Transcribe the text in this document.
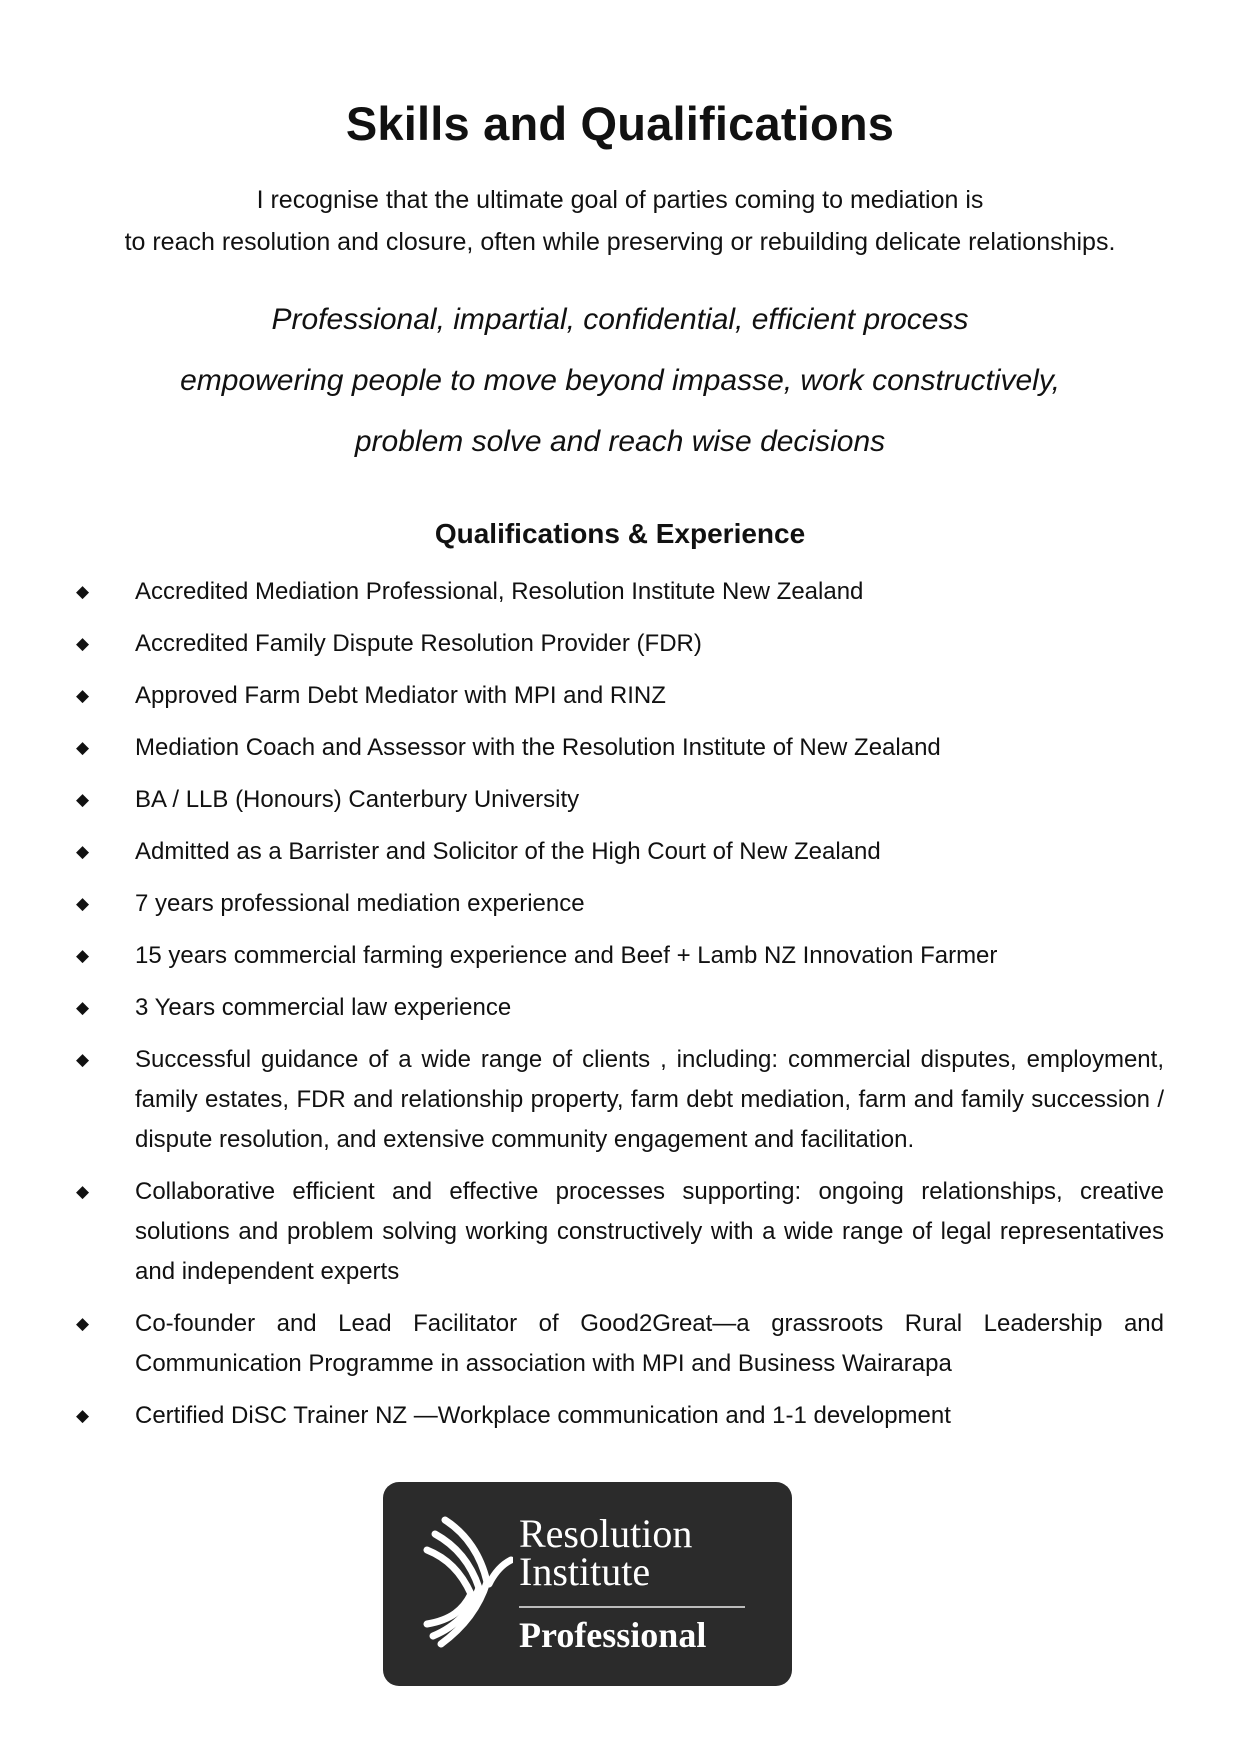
Skills and Qualifications
I recognise that the ultimate goal of parties coming to mediation is
to reach resolution and closure, often while preserving or rebuilding delicate relationships.
Professional, impartial, confidential, efficient process
empowering people to move beyond impasse, work constructively,
problem solve and reach wise decisions
Qualifications & Experience
◆ Accredited Mediation Professional, Resolution Institute New Zealand
◆ Accredited Family Dispute Resolution Provider (FDR)
◆ Approved Farm Debt Mediator with MPI and RINZ
◆ Mediation Coach and Assessor with the Resolution Institute of New Zealand
◆ BA / LLB (Honours) Canterbury University
◆ Admitted as a Barrister and Solicitor of the High Court of New Zealand
◆ 7 years professional mediation experience
◆ 15 years commercial farming experience and Beef + Lamb NZ Innovation Farmer
◆ 3 Years commercial law experience
◆ Successful guidance of a wide range of clients , including: commercial disputes, employment, family estates, FDR and relationship property, farm debt mediation, farm and family succession / dispute resolution, and extensive community engagement and facilitation.
◆ Collaborative efficient and effective processes supporting: ongoing relationships, creative solutions and problem solving working constructively with a wide range of legal representatives and independent experts
◆ Co-founder and Lead Facilitator of Good2Great—a grassroots Rural Leadership and Communication Programme in association with MPI and Business Wairarapa
◆ Certified DiSC Trainer NZ —Workplace communication and 1-1 development
Resolution
Institute
Professional
